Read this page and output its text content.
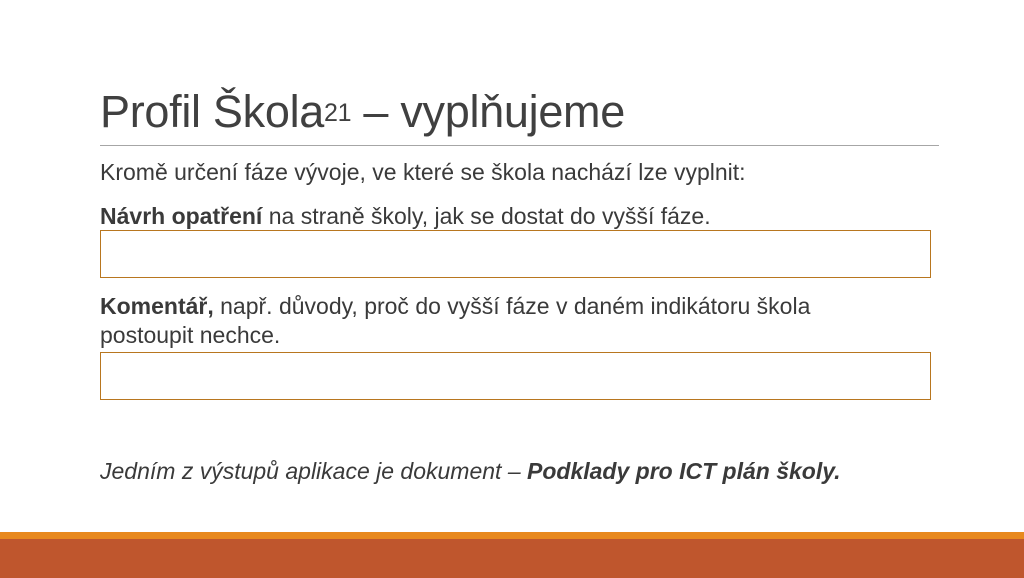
Profil Škola$^{21}$ – vyplňujeme

Kromě určení fáze vývoje, ve které se škola nachází lze vyplnit:

Návrh opatření na straně školy, jak se dostat do vyšší fáze.

Komentář, např. důvody, proč do vyšší fáze v daném indikátoru škola
postoupit nechce.

Jedním z výstupů aplikace je dokument – Podklady pro ICT plán školy.
